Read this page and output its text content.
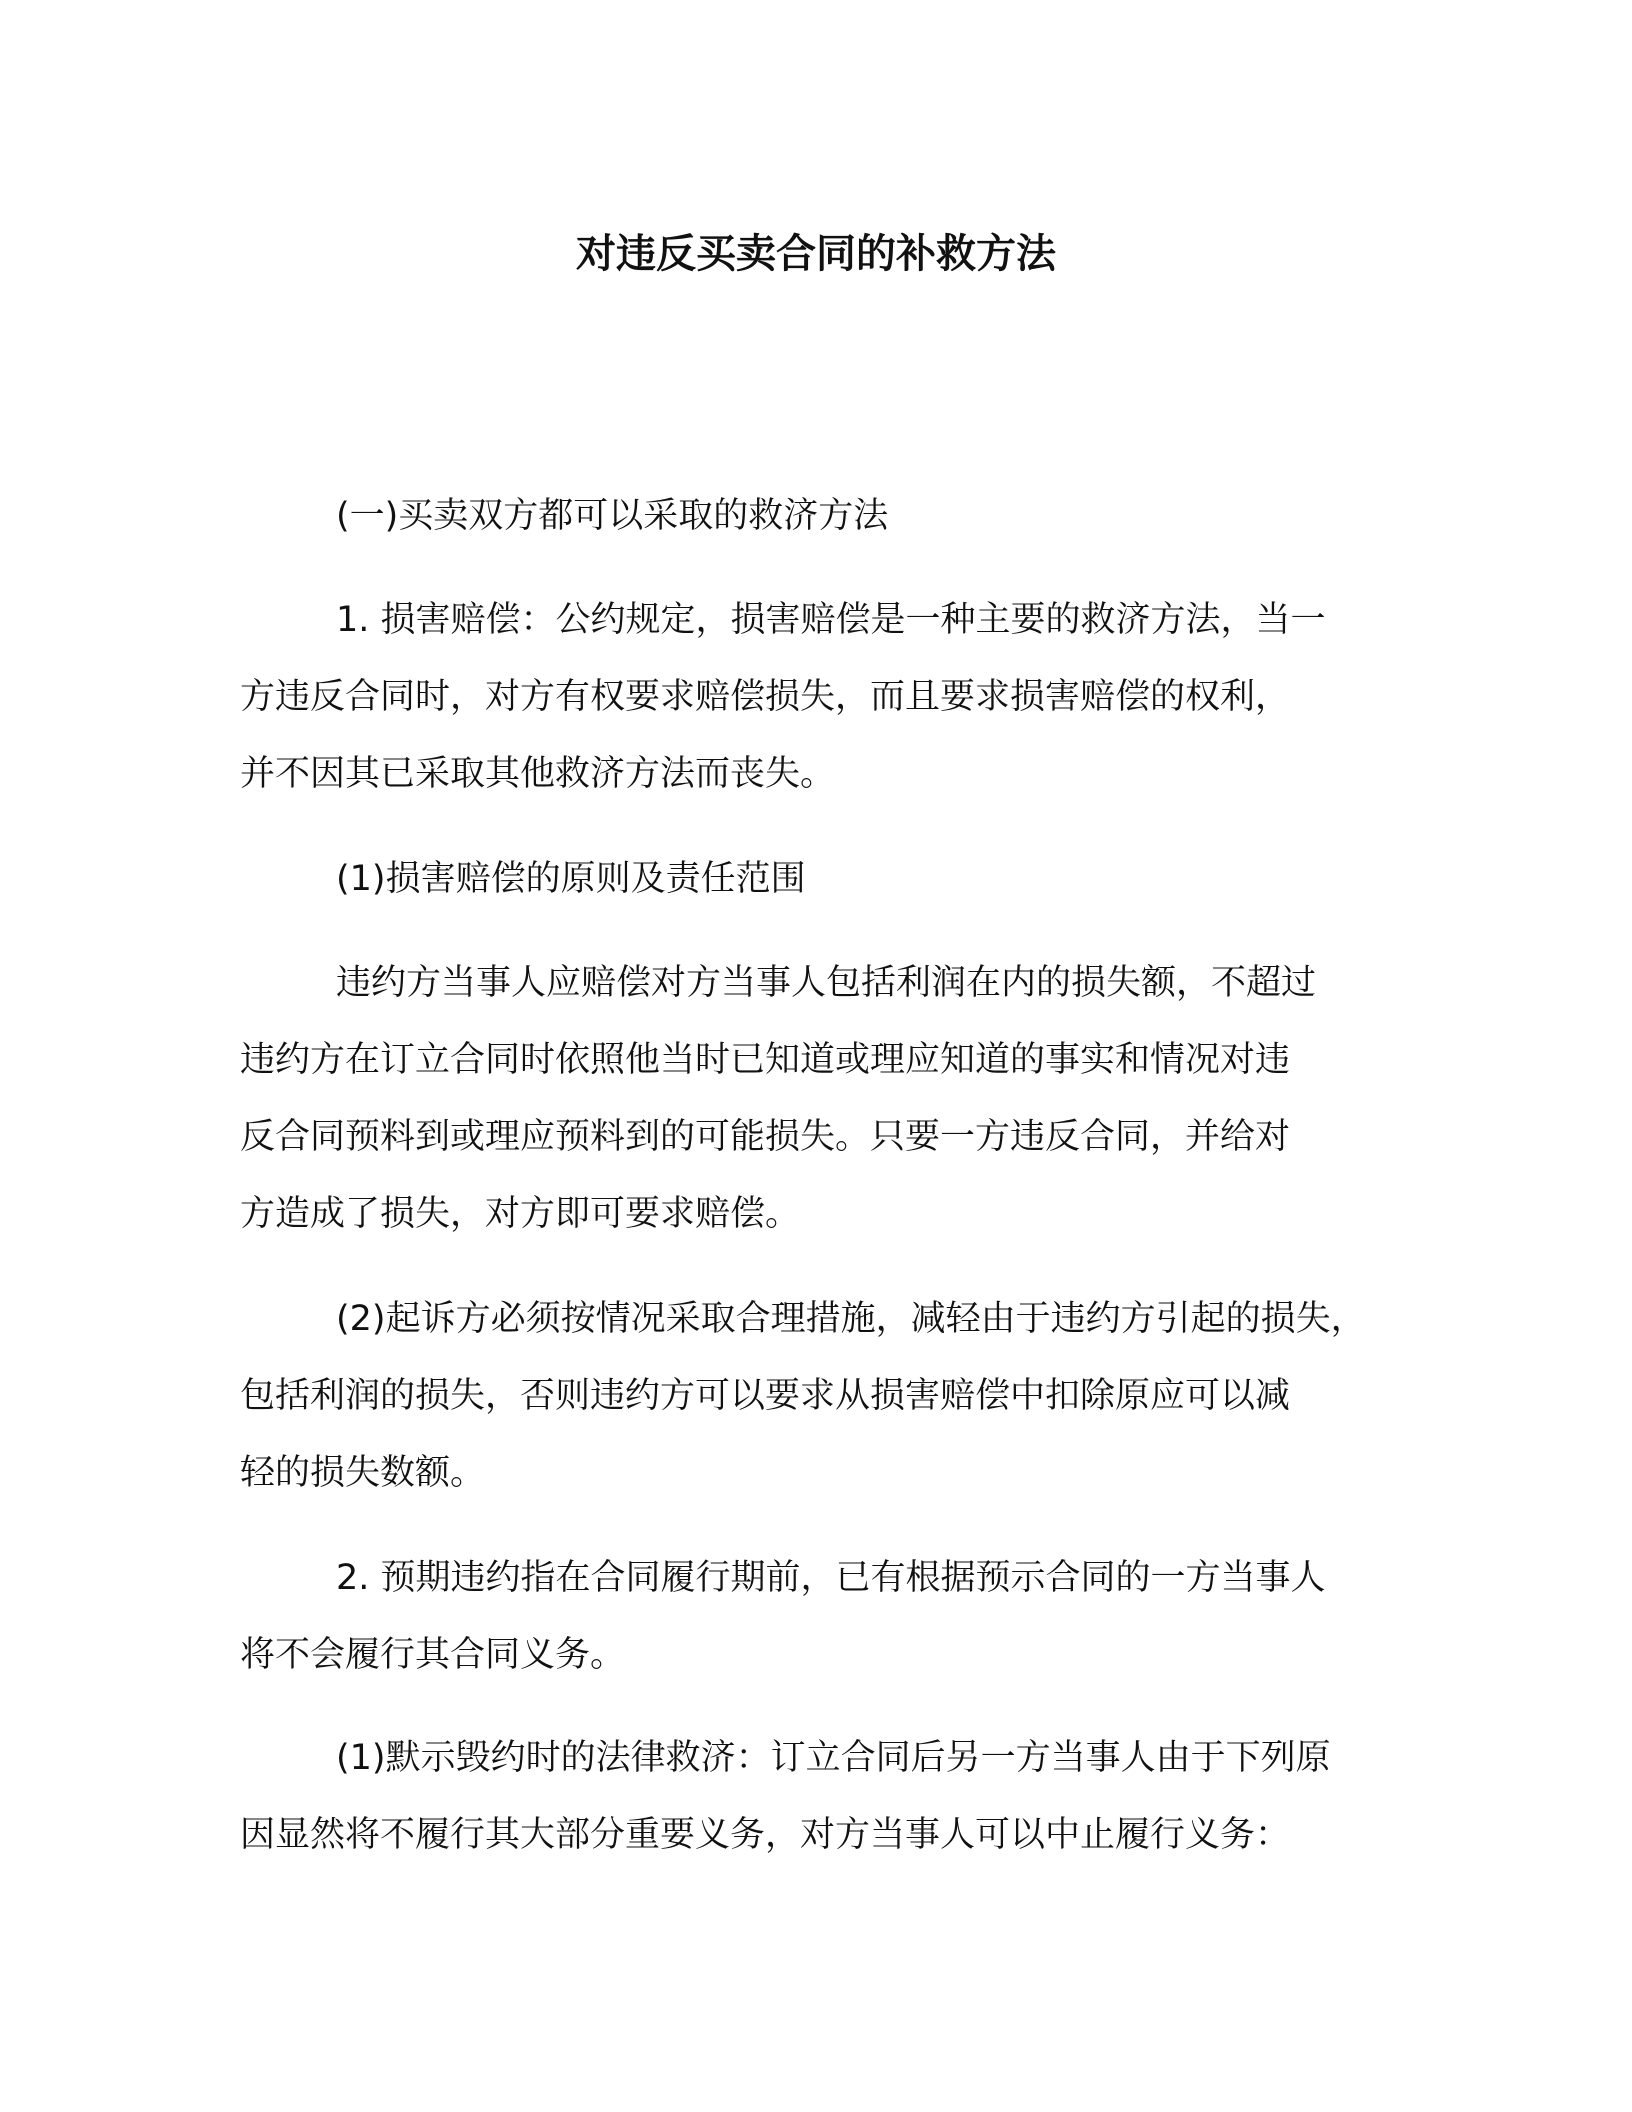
对违反买卖合同的补救方法

(一)买卖双方都可以采取的救济方法

1. 损害赔偿：公约规定，损害赔偿是一种主要的救济方法，当一
方违反合同时，对方有权要求赔偿损失，而且要求损害赔偿的权利，
并不因其已采取其他救济方法而丧失。

(1)损害赔偿的原则及责任范围

违约方当事人应赔偿对方当事人包括利润在内的损失额，不超过
违约方在订立合同时依照他当时已知道或理应知道的事实和情况对违
反合同预料到或理应预料到的可能损失。只要一方违反合同，并给对
方造成了损失，对方即可要求赔偿。

(2)起诉方必须按情况采取合理措施，减轻由于违约方引起的损失，
包括利润的损失，否则违约方可以要求从损害赔偿中扣除原应可以减
轻的损失数额。

2. 预期违约指在合同履行期前，已有根据预示合同的一方当事人
将不会履行其合同义务。

(1)默示毁约时的法律救济：订立合同后另一方当事人由于下列原
因显然将不履行其大部分重要义务，对方当事人可以中止履行义务：
